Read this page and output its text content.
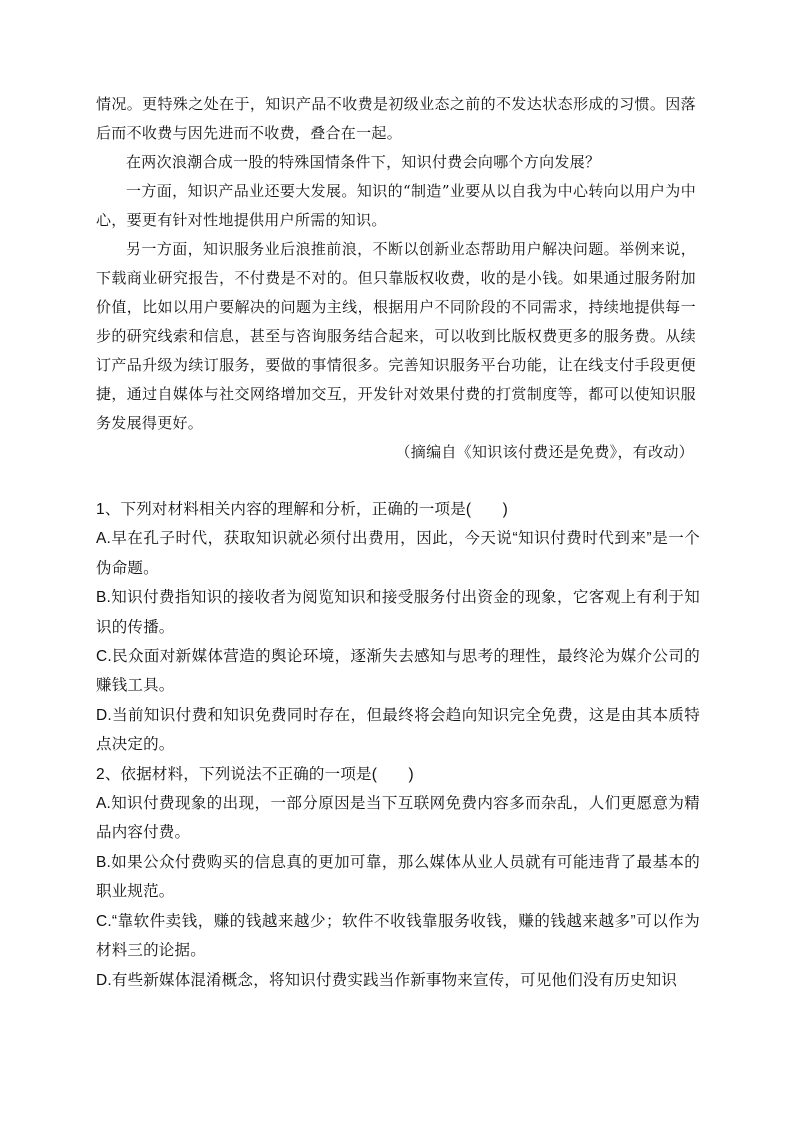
情况。更特殊之处在于，知识产品不收费是初级业态之前的不发达状态形成的习惯。因落后而不收费与因先进而不收费，叠合在一起。

在两次浪潮合成一股的特殊国情条件下，知识付费会向哪个方向发展？

一方面，知识产品业还要大发展。知识的“制造”业要从以自我为中心转向以用户为中心，要更有针对性地提供用户所需的知识。

另一方面，知识服务业后浪推前浪，不断以创新业态帮助用户解决问题。举例来说，下载商业研究报告，不付费是不对的。但只靠版权收费，收的是小钱。如果通过服务附加价值，比如以用户要解决的问题为主线，根据用户不同阶段的不同需求，持续地提供每一步的研究线索和信息，甚至与咨询服务结合起来，可以收到比版权费更多的服务费。从续订产品升级为续订服务，要做的事情很多。完善知识服务平台功能，让在线支付手段更便捷，通过自媒体与社交网络增加交互，开发针对效果付费的打赏制度等，都可以使知识服务发展得更好。

（摘编自《知识该付费还是免费》，有改动）

1、下列对材料相关内容的理解和分析，正确的一项是(　　)

A.早在孔子时代，获取知识就必须付出费用，因此，今天说“知识付费时代到来”是一个伪命题。

B.知识付费指知识的接收者为阅览知识和接受服务付出资金的现象，它客观上有利于知识的传播。

C.民众面对新媒体营造的舆论环境，逐渐失去感知与思考的理性，最终沦为媒介公司的赚钱工具。

D.当前知识付费和知识免费同时存在，但最终将会趋向知识完全免费，这是由其本质特点决定的。

2、依据材料，下列说法不正确的一项是(　　)

A.知识付费现象的出现，一部分原因是当下互联网免费内容多而杂乱，人们更愿意为精品内容付费。

B.如果公众付费购买的信息真的更加可靠，那么媒体从业人员就有可能违背了最基本的职业规范。

C.“靠软件卖钱，赚的钱越来越少；软件不收钱靠服务收钱，赚的钱越来越多”可以作为材料三的论据。

D.有些新媒体混淆概念，将知识付费实践当作新事物来宣传，可见他们没有历史知识
